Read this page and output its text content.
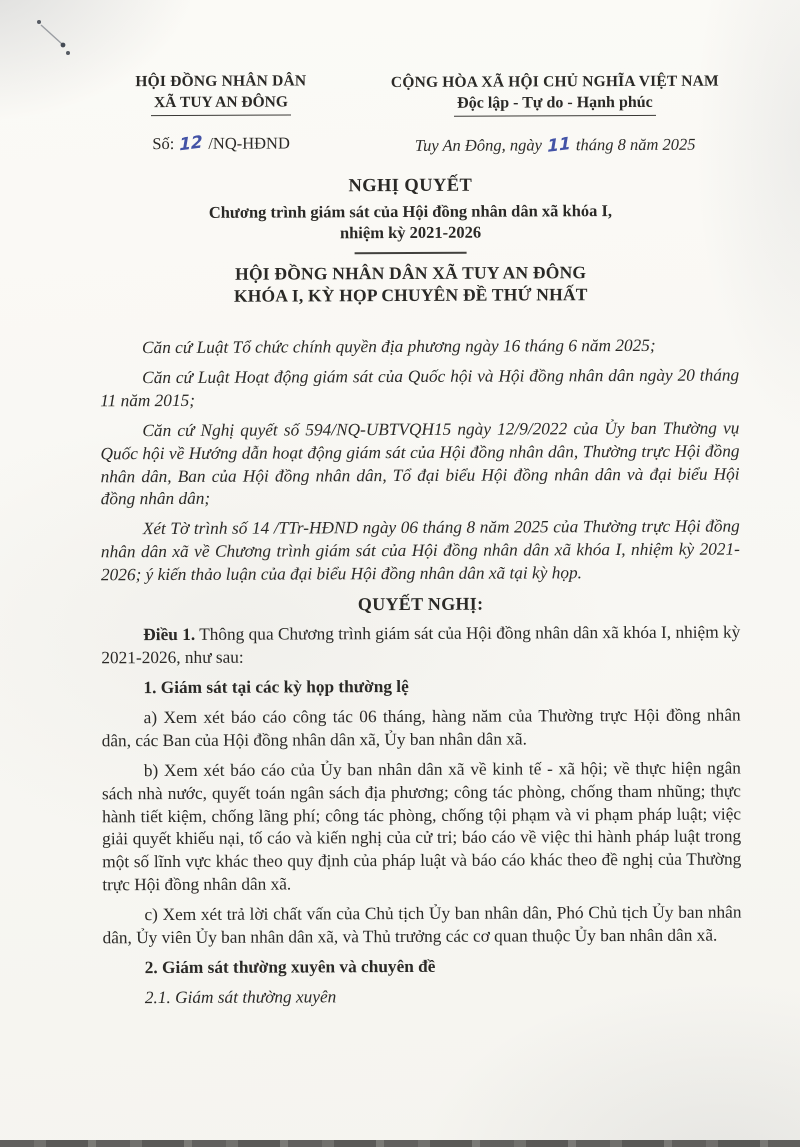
HỘI ĐỒNG NHÂN DÂN
XÃ TUY AN ĐÔNG
Số: 12 /NQ-HĐND
CỘNG HÒA XÃ HỘI CHỦ NGHĨA VIỆT NAM
Độc lập - Tự do - Hạnh phúc
Tuy An Đông, ngày 11 tháng 8 năm 2025
NGHỊ QUYẾT
Chương trình giám sát của Hội đồng nhân dân xã khóa I,
nhiệm kỳ 2021-2026
HỘI ĐỒNG NHÂN DÂN XÃ TUY AN ĐÔNG
KHÓA I, KỲ HỌP CHUYÊN ĐỀ THỨ NHẤT

Căn cứ Luật Tổ chức chính quyền địa phương ngày 16 tháng 6 năm 2025;

Căn cứ Luật Hoạt động giám sát của Quốc hội và Hội đồng nhân dân ngày 20 tháng 11 năm 2015;

Căn cứ Nghị quyết số 594/NQ-UBTVQH15 ngày 12/9/2022 của Ủy ban Thường vụ Quốc hội về Hướng dẫn hoạt động giám sát của Hội đồng nhân dân, Thường trực Hội đồng nhân dân, Ban của Hội đồng nhân dân, Tổ đại biểu Hội đồng nhân dân và đại biểu Hội đồng nhân dân;

Xét Tờ trình số 14 /TTr-HĐND ngày 06 tháng 8 năm 2025 của Thường trực Hội đồng nhân dân xã về Chương trình giám sát của Hội đồng nhân dân xã khóa I, nhiệm kỳ 2021-2026; ý kiến thảo luận của đại biểu Hội đồng nhân dân xã tại kỳ họp.

QUYẾT NGHỊ:

Điều 1. Thông qua Chương trình giám sát của Hội đồng nhân dân xã khóa I, nhiệm kỳ 2021-2026, như sau:

1. Giám sát tại các kỳ họp thường lệ

a) Xem xét báo cáo công tác 06 tháng, hàng năm của Thường trực Hội đồng nhân dân, các Ban của Hội đồng nhân dân xã, Ủy ban nhân dân xã.

b) Xem xét báo cáo của Ủy ban nhân dân xã về kinh tế - xã hội; về thực hiện ngân sách nhà nước, quyết toán ngân sách địa phương; công tác phòng, chống tham nhũng; thực hành tiết kiệm, chống lãng phí; công tác phòng, chống tội phạm và vi phạm pháp luật; việc giải quyết khiếu nại, tố cáo và kiến nghị của cử tri; báo cáo về việc thi hành pháp luật trong một số lĩnh vực khác theo quy định của pháp luật và báo cáo khác theo đề nghị của Thường trực Hội đồng nhân dân xã.

c) Xem xét trả lời chất vấn của Chủ tịch Ủy ban nhân dân, Phó Chủ tịch Ủy ban nhân dân, Ủy viên Ủy ban nhân dân xã, và Thủ trưởng các cơ quan thuộc Ủy ban nhân dân xã.

2. Giám sát thường xuyên và chuyên đề

2.1. Giám sát thường xuyên
